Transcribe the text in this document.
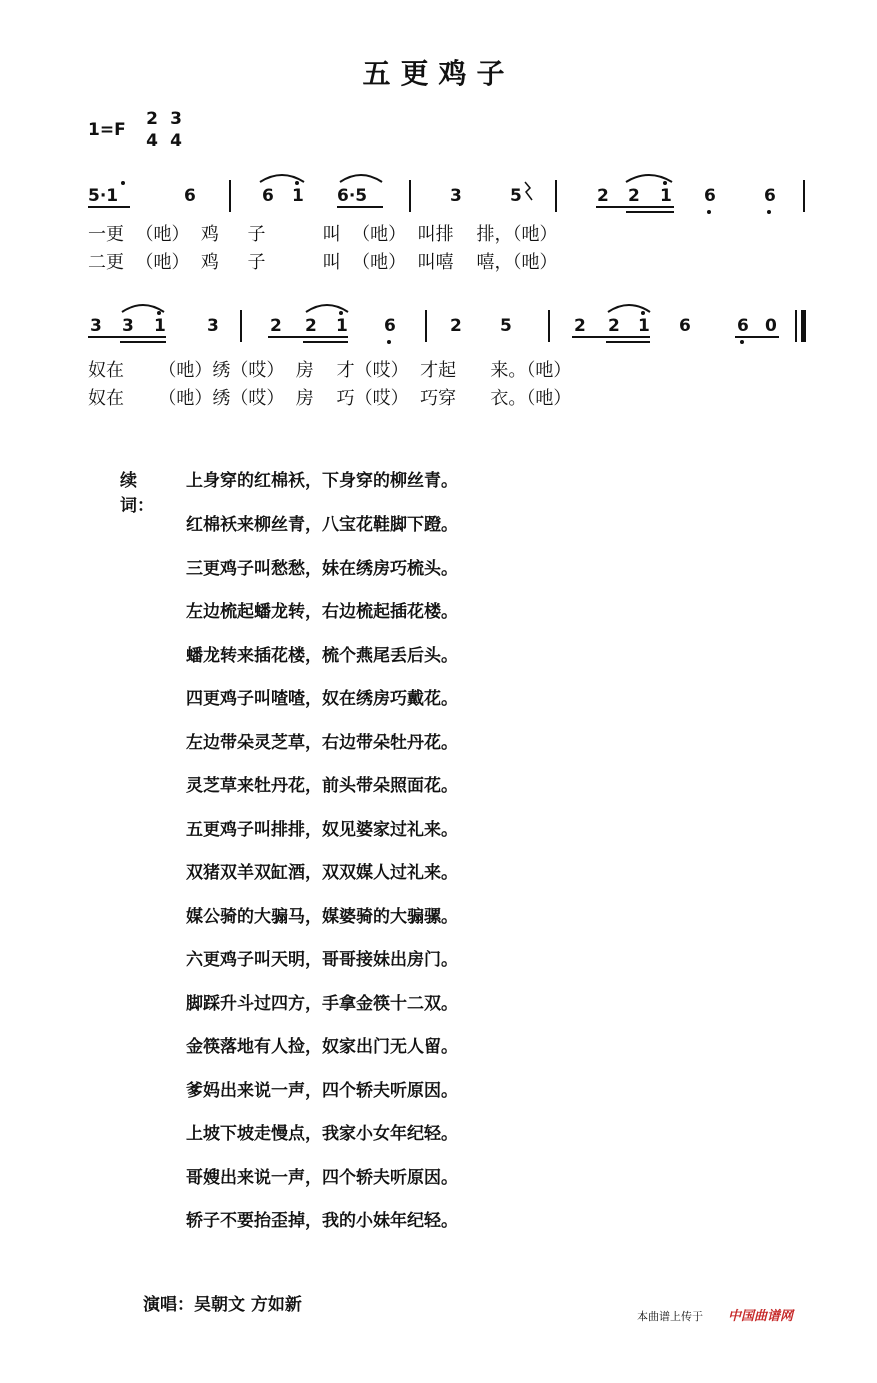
五更鸡子
1=F
2
4
3
4
5·1	6	6 1 6·5	3	5	2 2 1 6	6
一更  （吔）  鸡     子          叫  （吔）  叫排    排，（吔）
二更  （吔）  鸡     子          叫  （吔）  叫嘻    嘻，（吔）
3 3 1 3	2 2 1 6	2 5	2 2 1 6	6 0
奴在      （吔）绣（哎）  房    才（哎）  才起      来。（吔）
奴在      （吔）绣（哎）  房    巧（哎）  巧穿      衣。（吔）
续词：
上身穿的红棉袄，下身穿的柳丝青。
红棉袄来柳丝青，八宝花鞋脚下蹬。
三更鸡子叫愁愁，妹在绣房巧梳头。
左边梳起蟠龙转，右边梳起插花楼。
蟠龙转来插花楼，梳个燕尾丢后头。
四更鸡子叫喳喳，奴在绣房巧戴花。
左边带朵灵芝草，右边带朵牡丹花。
灵芝草来牡丹花，前头带朵照面花。
五更鸡子叫排排，奴见婆家过礼来。
双猪双羊双缸酒，双双媒人过礼来。
媒公骑的大骟马，媒婆骑的大骟骡。
六更鸡子叫天明，哥哥接妹出房门。
脚踩升斗过四方，手拿金筷十二双。
金筷落地有人捡，奴家出门无人留。
爹妈出来说一声，四个轿夫听原因。
上坡下坡走慢点，我家小女年纪轻。
哥嫂出来说一声，四个轿夫听原因。
轿子不要抬歪掉，我的小妹年纪轻。
演唱：吴朝文 方如新
本曲谱上传于 中国曲谱网
